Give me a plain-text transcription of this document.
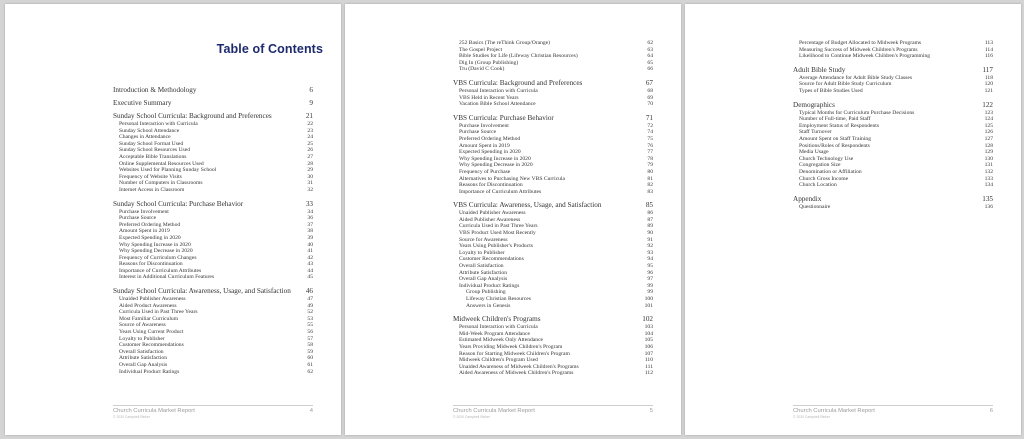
Table of Contents
Introduction & Methodology	6
Executive Summary	9
Sunday School Curricula: Background and Preferences	21
Personal Interaction with Curricula	22
Sunday School Attendance	23
Changes in Attendance	24
Sunday School Format Used	25
Sunday School Resources Used	26
Acceptable Bible Translations	27
Online Supplemental Resources Used	28
Websites Used for Planning Sunday School	29
Frequency of Website Visits	30
Number of Computers in Classrooms	31
Internet Access in Classroom	32
Sunday School Curricula: Purchase Behavior	33
Purchase Involvement	34
Purchase Source	36
Preferred Ordering Method	37
Amount Spent in 2019	38
Expected Spending in 2020	39
Why Spending Increase in 2020	40
Why Spending Decrease in 2020	41
Frequency of Curriculum Changes	42
Reasons for Discontinuation	43
Importance of Curriculum Attributes	44
Interest in Additional Curriculum Features	45
Sunday School Curricula: Awareness, Usage, and Satisfaction	46
Unaided Publisher Awareness	47
Aided Product Awareness	49
Curricula Used in Past Three Years	52
Most Familiar Curriculum	53
Source of Awareness	55
Years Using Current Product	56
Loyalty to Publisher	57
Customer Recommendations	58
Overall Satisfaction	59
Attribute Satisfaction	60
Overall Gap Analysis	61
Individual Product Ratings	62
Church Curricula Market Report	4
© 2020 Campbell Rinker
252 Basics (The reThink Group/Orange)	62
The Gospel Project	63
Bible Studies for Life (Lifeway Christian Resources)	64
Dig In (Group Publishing)	65
Tru (David C Cook)	66
VBS Curricula: Background and Preferences	67
Personal Interaction with Curricula	68
VBS Held in Recent Years	69
Vacation Bible School Attendance	70
VBS Curricula: Purchase Behavior	71
Purchase Involvement	72
Purchase Source	74
Preferred Ordering Method	75
Amount Spent in 2019	76
Expected Spending in 2020	77
Why Spending Increase in 2020	78
Why Spending Decrease in 2020	79
Frequency of Purchase	80
Alternatives to Purchasing New VBS Curricula	81
Reasons for Discontinuation	82
Importance of Curriculum Attributes	83
VBS Curricula: Awareness, Usage, and Satisfaction	85
Unaided Publisher Awareness	86
Aided Publisher Awareness	87
Curricula Used in Past Three Years	89
VBS Product Used Most Recently	90
Source for Awareness	91
Years Using Publisher's Products	92
Loyalty to Publisher	93
Customer Recommendations	94
Overall Satisfaction	95
Attribute Satisfaction	96
Overall Gap Analysis	97
Individual Product Ratings	99
Group Publishing	99
Lifeway Christian Resources	100
Answers in Genesis	101
Midweek Children's Programs	102
Personal Interaction with Curricula	103
Mid-Week Program Attendance	104
Estimated Midweek Only Attendance	105
Years Providing Midweek Children's Program	106
Reason for Starting Midweek Children's Program	107
Midweek Children's Program Used	110
Unaided Awareness of Midweek Children's Programs	111
Aided Awareness of Midweek Children's Programs	112
Church Curricula Market Report	5
© 2020 Campbell Rinker
Percentage of Budget Allocated to Midweek Programs	113
Measuring Success of Midweek Children's Programs	114
Likelihood to Continue Midweek Children's Programming	116
Adult Bible Study	117
Average Attendance for Adult Bible Study Classes	118
Source for Adult Bible Study Curriculum	120
Types of Bible Studies Used	121
Demographics	122
Typical Months for Curriculum Purchase Decisions	123
Number of Full-time, Paid Staff	124
Employment Status of Respondents	125
Staff Turnover	126
Amount Spent on Staff Training	127
Positions/Roles of Respondents	128
Media Usage	129
Church Technology Use	130
Congregation Size	131
Denomination or Affiliation	132
Church Gross Income	133
Church Location	134
Appendix	135
Questionnaire	136
Church Curricula Market Report	6
© 2020 Campbell Rinker
